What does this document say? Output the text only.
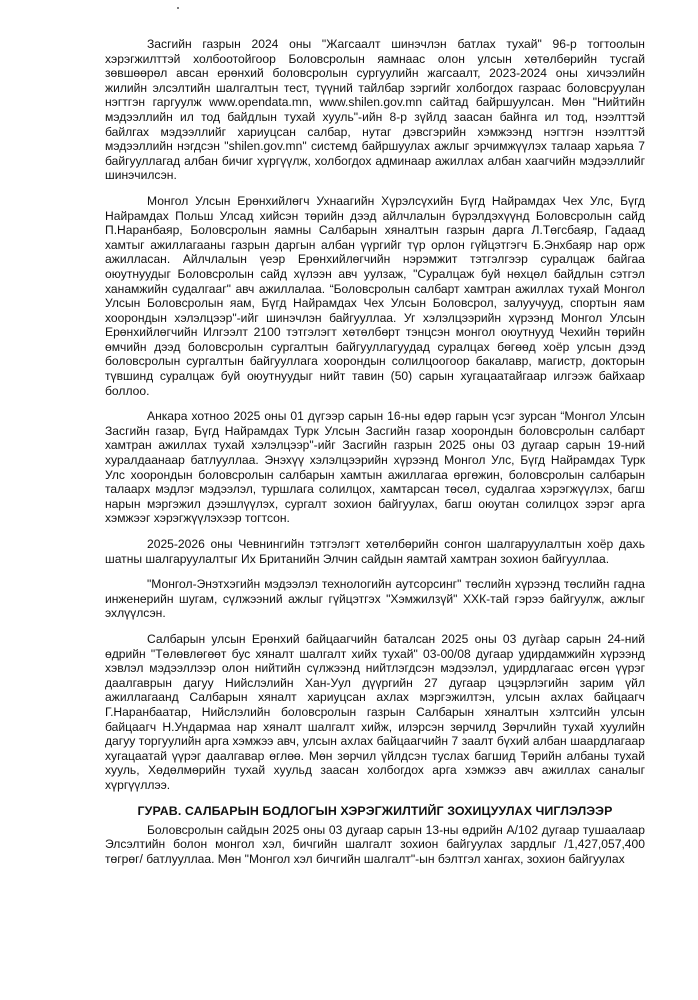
Засгийн газрын 2024 оны "Жагсаалт шинэчлэн батлах тухай" 96-р тогтоолын хэрэгжилттэй холбоотойгоор Боловсролын яамнаас олон улсын хөтөлбөрийн тусгай зөвшөөрөл авсан ерөнхий боловсролын сургуулийн жагсаалт, 2023-2024 оны хичээлийн жилийн элсэлтийн шалгалтын тест, түүний тайлбар зэргийг холбогдох газраас боловсруулан нэгтгэн гаргуулж www.opendata.mn, www.shilen.gov.mn сайтад байршуулсан. Мөн "Нийтийн мэдээллийн ил тод байдлын тухай хууль"-ийн 8-р зүйлд заасан байнга ил тод, нээлттэй байлгах мэдээллийг хариуцсан салбар, нутаг дэвсгэрийн хэмжээнд нэгтгэн нээлттэй мэдээллийн нэгдсэн "shilen.gov.mn" системд байршуулах ажлыг эрчимжүүлэх талаар харьяа 7 байгууллагад албан бичиг хүргүүлж, холбогдох админаар ажиллах албан хаагчийн мэдээллийг шинэчилсэн.

Монгол Улсын Ерөнхийлөгч Ухнаагийн Хүрэлсүхийн Бүгд Найрамдах Чех Улс, Бүгд Найрамдах Польш Улсад хийсэн төрийн дээд айлчлалын бүрэлдэхүүнд Боловсролын сайд П.Наранбаяр, Боловсролын яамны Салбарын хяналтын газрын дарга Л.Төгсбаяр, Гадаад хамтыг ажиллагааны газрын даргын албан үүргийг түр орлон гүйцэтгэгч Б.Энхбаяр нар орж ажилласан. Айлчлалын үеэр Ерөнхийлөгчийн нэрэмжит тэтгэлгээр суралцаж байгаа оюутнуудыг Боловсролын сайд хүлээн авч уулзаж, "Суралцаж буй нөхцөл байдлын сэтгэл ханамжийн судалгааг" авч ажиллалаа. “Боловсролын салбарт хамтран ажиллах тухай Монгол Улсын Боловсролын яам, Бүгд Найрамдах Чех Улсын Боловсрол, залуучууд, спортын яам хоорондын хэлэлцээр"-ийг шинэчлэн байгууллаа. Уг хэлэлцээрийн хүрээнд Монгол Улсын Ерөнхийлөгчийн Илгээлт 2100 тэтгэлэгт хөтөлбөрт тэнцсэн монгол оюутнууд Чехийн төрийн өмчийн дээд боловсролын сургалтын байгууллагуудад суралцах бөгөөд хоёр улсын дээд боловсролын сургалтын байгууллага хоорондын солилцоогоор бакалавр, магистр, докторын түвшинд суралцаж буй оюутнуудыг нийт тавин (50) сарын хугацаатайгаар илгээж байхаар боллоо.

Анкара хотноо 2025 оны 01 дүгээр сарын 16-ны өдөр гарын үсэг зурсан “Монгол Улсын Засгийн газар, Бүгд Найрамдах Турк Улсын Засгийн газар хоорондын боловсролын салбарт хамтран ажиллах тухай хэлэлцээр"-ийг Засгийн газрын 2025 оны 03 дугаар сарын 19-ний хуралдаанаар батлууллаа. Энэхүү хэлэлцээрийн хүрээнд Монгол Улс, Бүгд Найрамдах Турк Улс хоорондын боловсролын салбарын хамтын ажиллагаа өргөжин, боловсролын салбарын талаарх мэдлэг мэдээлэл, туршлага солилцох, хамтарсан төсөл, судалгаа хэрэгжүүлэх, багш нарын мэргэжил дээшлүүлэх, сургалт зохион байгуулах, багш оюутан солилцох зэрэг арга хэмжээг хэрэгжүүлэхээр тогтсон.

2025-2026 оны Чевнингийн тэтгэлэгт хөтөлбөрийн сонгон шалгаруулалтын хоёр дахь шатны шалгаруулалтыг Их Британийн Элчин сайдын яамтай хамтран зохион байгууллаа.

"Монгол-Энэтхэгийн мэдээлэл технологийн аутсорсинг" төслийн хүрээнд төслийн гадна инженерийн шугам, сүлжээний ажлыг гүйцэтгэх "Хэмжилзүй" ХХК-тай гэрээ байгуулж, ажлыг эхлүүлсэн.

Салбарын улсын Ерөнхий байцаагчийн баталсан 2025 оны 03 дугаар сарын 24-ний өдрийн "Төлөвлөгөөт бус хяналт шалгалт хийх тухай" 03-00/08 дугаар удирдамжийн хүрээнд хэвлэл мэдээллээр олон нийтийн сүлжээнд нийтлэгдсэн мэдээлэл, удирдлагаас өгсөн үүрэг даалгаврын дагуу Нийслэлийн Хан-Уул дүүргийн 27 дугаар цэцэрлэгийн зарим үйл ажиллагаанд Салбарын хяналт хариуцсан ахлах мэргэжилтэн, улсын ахлах байцаагч Г.Наранбаатар, Нийслэлийн боловсролын газрын Салбарын хяналтын хэлтсийн улсын байцаагч Н.Ундармаа нар хяналт шалгалт хийж, илэрсэн зөрчилд Зөрчлийн тухай хуулийн дагуу торгуулийн арга хэмжээ авч, улсын ахлах байцаагчийн 7 заалт бүхий албан шаардлагаар хугацаатай үүрэг даалгавар өглөө. Мөн зөрчил үйлдсэн туслах багшид Төрийн албаны тухай хууль, Хөдөлмөрийн тухай хуульд заасан холбогдох арга хэмжээ авч ажиллах саналыг хүргүүллээ.

ГУРАВ. САЛБАРЫН БОДЛОГЫН ХЭРЭГЖИЛТИЙГ ЗОХИЦУУЛАХ ЧИГЛЭЛЭЭР

Боловсролын сайдын 2025 оны 03 дугаар сарын 13-ны өдрийн А/102 дугаар тушаалаар Элсэлтийн болон монгол хэл, бичгийн шалгалт зохион байгуулах зардлыг /1,427,057,400 төгрөг/ батлууллаа. Мөн "Монгол хэл бичгийн шалгалт"-ын бэлтгэл хангах, зохион байгуулах
